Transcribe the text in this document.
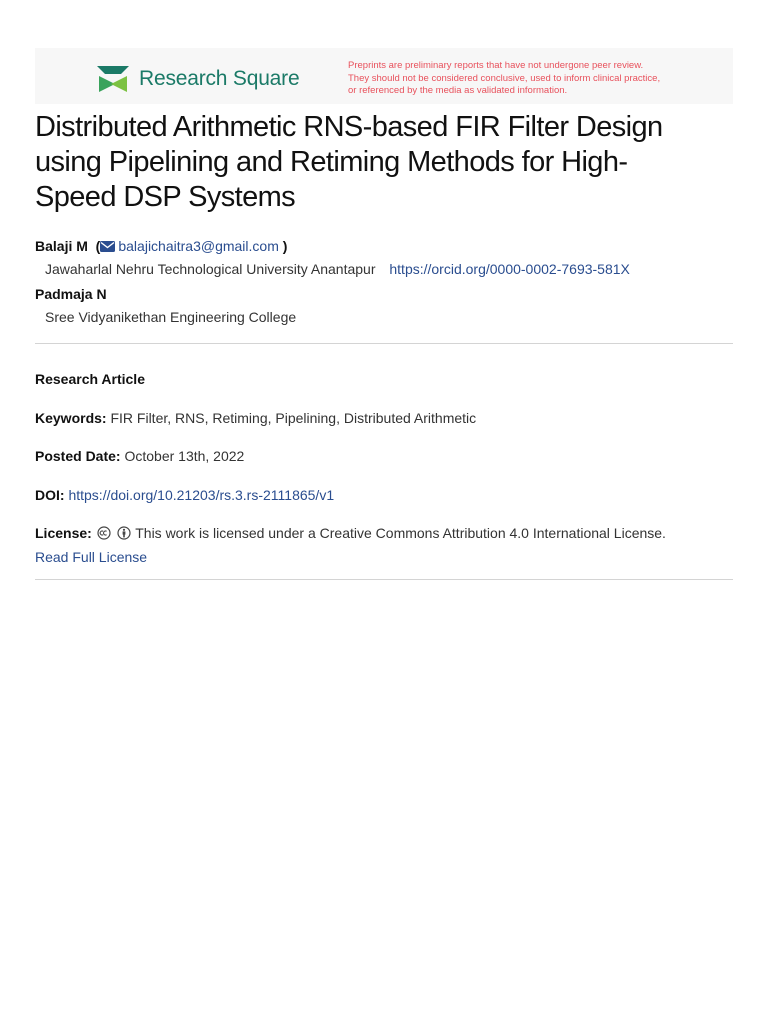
Research Square
Preprints are preliminary reports that have not undergone peer review.
They should not be considered conclusive, used to inform clinical practice,
or referenced by the media as validated information.
Distributed Arithmetic RNS-based FIR Filter Design
using Pipelining and Retiming Methods for High-
Speed DSP Systems
Balaji M  ( balajichaitra3@gmail.com )
Jawaharlal Nehru Technological University Anantapur https://orcid.org/0000-0002-7693-581X
Padmaja N
Sree Vidyanikethan Engineering College
Research Article
Keywords: FIR Filter, RNS, Retiming, Pipelining, Distributed Arithmetic
Posted Date: October 13th, 2022
DOI: https://doi.org/10.21203/rs.3.rs-2111865/v1
License:	This work is licensed under a Creative Commons Attribution 4.0 International License.
Read Full License
